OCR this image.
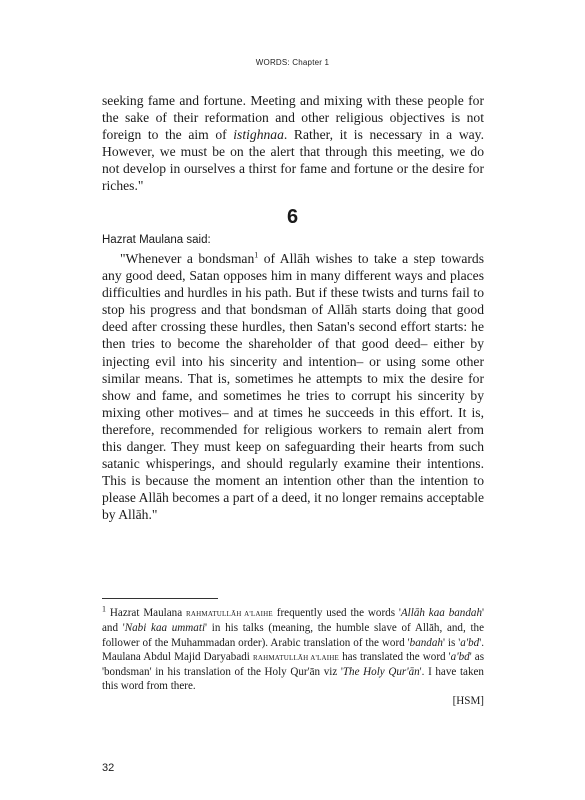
WORDS: Chapter 1

seeking fame and fortune. Meeting and mixing with these people for the sake of their reformation and other religious objectives is not foreign to the aim of istighnaa. Rather, it is necessary in a way. However, we must be on the alert that through this meeting, we do not develop in ourselves a thirst for fame and fortune or the desire for riches."

6
Hazrat Maulana said:

"Whenever a bondsman$^1$ of Allāh wishes to take a step towards any good deed, Satan opposes him in many different ways and places difficulties and hurdles in his path. But if these twists and turns fail to stop his progress and that bondsman of Allāh starts doing that good deed after crossing these hurdles, then Satan's second effort starts: he then tries to become the shareholder of that good deed– either by injecting evil into his sincerity and intention– or using some other similar means. That is, sometimes he attempts to mix the desire for show and fame, and sometimes he tries to corrupt his sincerity by mixing other motives– and at times he succeeds in this effort. It is, therefore, recommended for religious workers to remain alert from this danger. They must keep on safeguarding their hearts from such satanic whisperings, and should regularly examine their intentions. This is because the moment an intention other than the intention to please Allāh becomes a part of a deed, it no longer remains acceptable by Allāh."

$^1$ Hazrat Maulana RAHMATULLĀH A'LAIHE frequently used the words 'Allāh kaa bandah' and 'Nabi kaa ummati' in his talks (meaning, the humble slave of Allāh, and, the follower of the Muhammadan order). Arabic translation of the word 'bandah' is 'a'bd'. Maulana Abdul Majid Daryabadi RAHMATULLĀH A'LAIHE has translated the word 'a'bd' as 'bondsman' in his translation of the Holy Qur'ān viz 'The Holy Qur'ān'. I have taken this word from there.
[HSM]
32
